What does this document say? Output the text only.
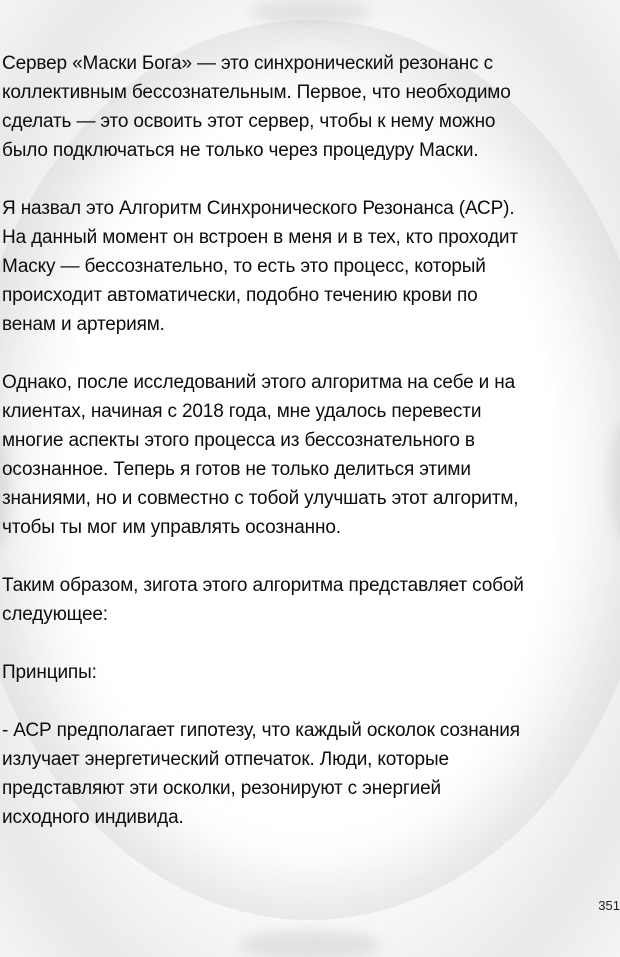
Сервер «Маски Бога» — это синхронический резонанс с
коллективным бессознательным. Первое, что необходимо
сделать — это освоить этот сервер, чтобы к нему можно
было подключаться не только через процедуру Маски.

Я назвал это Алгоритм Синхронического Резонанса (АСР).
На данный момент он встроен в меня и в тех, кто проходит
Маску — бессознательно, то есть это процесс, который
происходит автоматически, подобно течению крови по
венам и артериям.

Однако, после исследований этого алгоритма на себе и на
клиентах, начиная с 2018 года, мне удалось перевести
многие аспекты этого процесса из бессознательного в
осознанное. Теперь я готов не только делиться этими
знаниями, но и совместно с тобой улучшать этот алгоритм,
чтобы ты мог им управлять осознанно.

Таким образом, зигота этого алгоритма представляет собой
следующее:

Принципы:

- АСР предполагает гипотезу, что каждый осколок сознания
излучает энергетический отпечаток. Люди, которые
представляют эти осколки, резонируют с энергией
исходного индивида.

351
